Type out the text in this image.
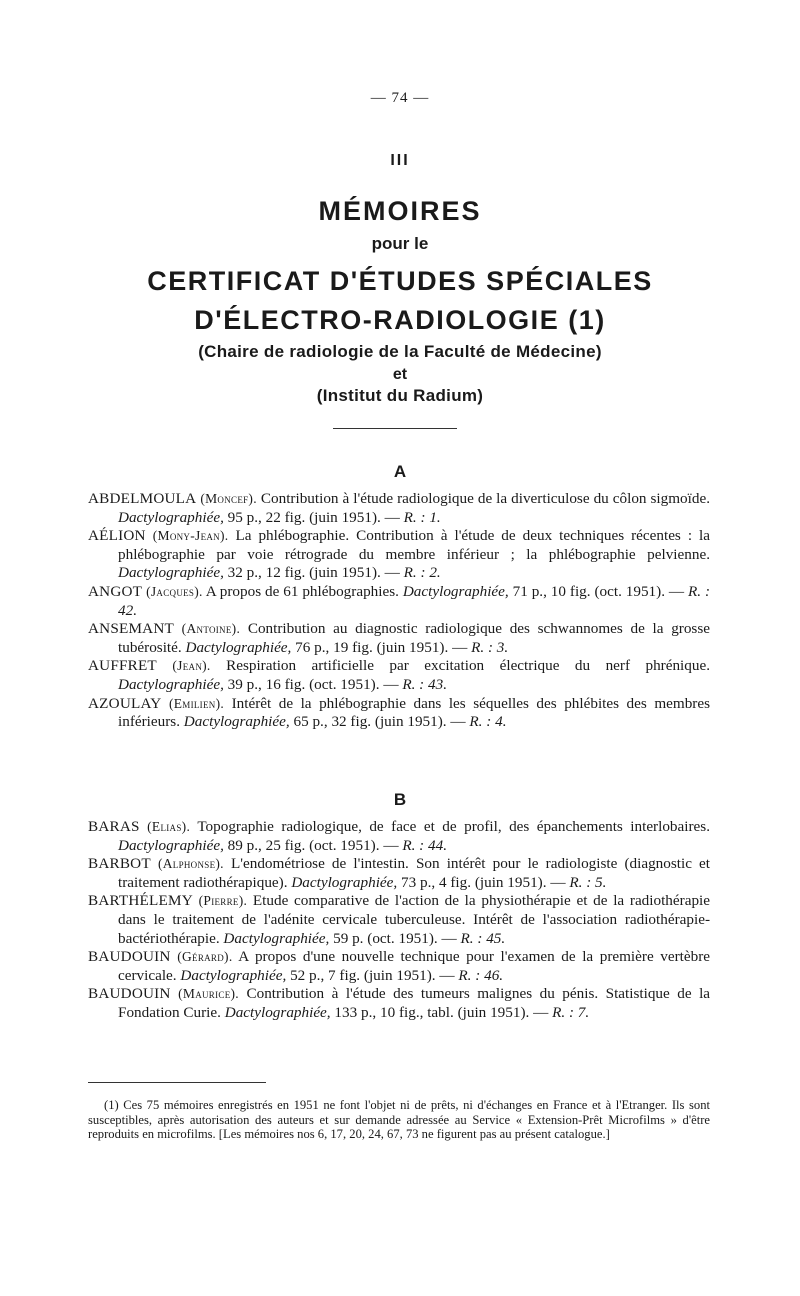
— 74 —
III
MÉMOIRES
pour le
CERTIFICAT D'ÉTUDES SPÉCIALES
D'ÉLECTRO-RADIOLOGIE (1)
(Chaire de radiologie de la Faculté de Médecine)
et
(Institut du Radium)
A

ABDELMOULA (Moncef). Contribution à l'étude radiologique de la diverticulose du côlon sigmoïde. Dactylographiée, 95 p., 22 fig. (juin 1951). — R. : 1.

AÉLION (Mony-Jean). La phlébographie. Contribution à l'étude de deux techniques récentes : la phlébographie par voie rétrograde du membre inférieur ; la phlébographie pelvienne. Dactylographiée, 32 p., 12 fig. (juin 1951). — R. : 2.

ANGOT (Jacques). A propos de 61 phlébographies. Dactylographiée, 71 p., 10 fig. (oct. 1951). — R. : 42.

ANSEMANT (Antoine). Contribution au diagnostic radiologique des schwannomes de la grosse tubérosité. Dactylographiée, 76 p., 19 fig. (juin 1951). — R. : 3.

AUFFRET (Jean). Respiration artificielle par excitation électrique du nerf phrénique. Dactylographiée, 39 p., 16 fig. (oct. 1951). — R. : 43.

AZOULAY (Emilien). Intérêt de la phlébographie dans les séquelles des phlébites des membres inférieurs. Dactylographiée, 65 p., 32 fig. (juin 1951). — R. : 4.

B

BARAS (Elias). Topographie radiologique, de face et de profil, des épanchements interlobaires. Dactylographiée, 89 p., 25 fig. (oct. 1951). — R. : 44.

BARBOT (Alphonse). L'endométriose de l'intestin. Son intérêt pour le radiologiste (diagnostic et traitement radiothérapique). Dactylographiée, 73 p., 4 fig. (juin 1951). — R. : 5.

BARTHÉLEMY (Pierre). Etude comparative de l'action de la physiothérapie et de la radiothérapie dans le traitement de l'adénite cervicale tuberculeuse. Intérêt de l'association radiothérapie-bactériothérapie. Dactylographiée, 59 p. (oct. 1951). — R. : 45.

BAUDOUIN (Gérard). A propos d'une nouvelle technique pour l'examen de la première vertèbre cervicale. Dactylographiée, 52 p., 7 fig. (juin 1951). — R. : 46.

BAUDOUIN (Maurice). Contribution à l'étude des tumeurs malignes du pénis. Statistique de la Fondation Curie. Dactylographiée, 133 p., 10 fig., tabl. (juin 1951). — R. : 7.

(1) Ces 75 mémoires enregistrés en 1951 ne font l'objet ni de prêts, ni d'échanges en France et à l'Etranger. Ils sont susceptibles, après autorisation des auteurs et sur demande adressée au Service « Extension-Prêt Microfilms » d'être reproduits en microfilms. [Les mémoires nos 6, 17, 20, 24, 67, 73 ne figurent pas au présent catalogue.]
